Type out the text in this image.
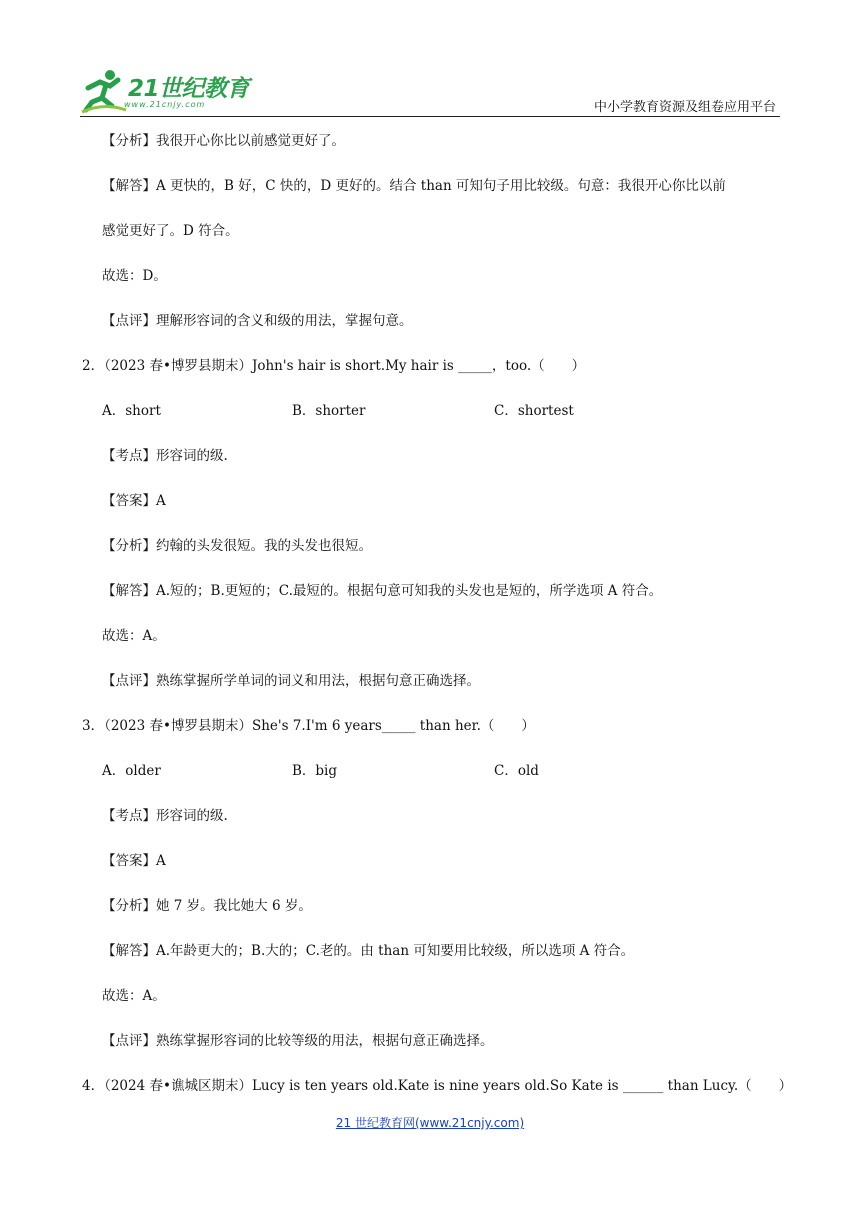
21世纪教育
www.21cnjy.com	中小学教育资源及组卷应用平台
【分析】我很开心你比以前感觉更好了。
【解答】A 更快的，B 好，C 快的，D 更好的。结合 than 可知句子用比较级。句意：我很开心你比以前
感觉更好了。D 符合。
故选：D。
【点评】理解形容词的含义和级的用法，掌握句意。
2．（2023 春•博罗县期末）John's hair is short.My hair is _____，too.（　　）
A．short	B．shorter	C．shortest
【考点】形容词的级.
【答案】A
【分析】约翰的头发很短。我的头发也很短。
【解答】A.短的；B.更短的；C.最短的。根据句意可知我的头发也是短的，所学选项 A 符合。
故选：A。
【点评】熟练掌握所学单词的词义和用法，根据句意正确选择。
3．（2023 春•博罗县期末）She's 7.I'm 6 years_____ than her.（　　）
A．older	B．big	C．old
【考点】形容词的级.
【答案】A
【分析】她 7 岁。我比她大 6 岁。
【解答】A.年龄更大的；B.大的；C.老的。由 than 可知要用比较级，所以选项 A 符合。
故选：A。
【点评】熟练掌握形容词的比较等级的用法，根据句意正确选择。
4．（2024 春•谯城区期末）Lucy is ten years old.Kate is nine years old.So Kate is ______ than Lucy.（　　）
21 世纪教育网(www.21cnjy.com)
